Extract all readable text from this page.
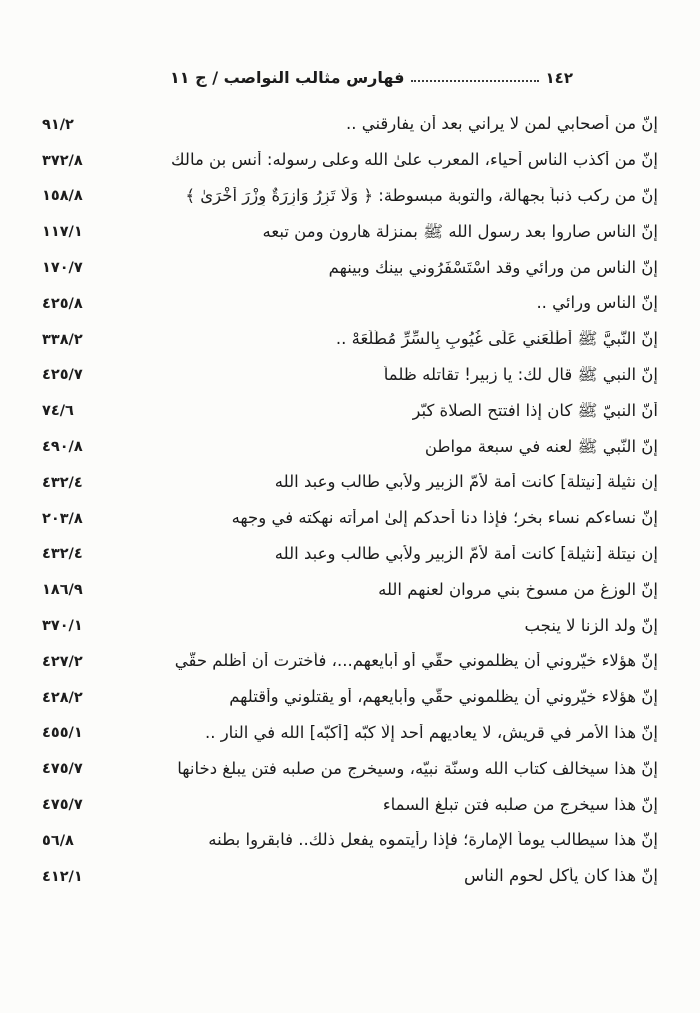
١٤٢
فهارس مثالب النواصب / ج ١١
إنّ من أصحابي لمن لا يراني بعد أن يفارقني ..
٩١/٢
إنّ من أكذب الناس أحياء، المعرب علىٰ الله وعلى رسوله: أنس بن مالك
٣٧٢/٨
إنّ من ركب ذنباً بجهالة، والتوبة مبسوطة: ﴿ وَلَا تَزِرُ وَازِرَةٌ وِزْرَ أُخْرَىٰ ﴾
١٥٨/٨
إنّ الناس صاروا بعد رسول الله ﷺ بمنزلة هارون ومن تبعه
١١٧/١
إنّ الناس من ورائي وقد اسْتَسْفَرُوني بينك وبينهم
١٧٠/٧
إنّ الناس ورائي ..
٤٢٥/٨
إنّ النَّبيَّ ﷺ أَطْلَعَني عَلَى غُيُوبٍ بِالسِّرِّ مُطَّلَعَهْ ..
٣٣٨/٢
إنّ النبي ﷺ قال لك: يا زبير! تقاتله ظلماً
٤٢٥/٧
أنّ النبيّ ﷺ كان إذا افتتح الصلاة كبّر
٧٤/٦
إنّ النّبي ﷺ لعنه في سبعة مواطن
٤٩٠/٨
إن نثيلة [نيتلة] كانت أمة لأُمّ الزبير ولأبي طالب وعبد الله
٤٣٢/٤
إنّ نساءكم نساء بخر؛ فإذا دنا أحدكم إلىٰ امرأته نهكته في وجهه
٢٠٣/٨
إن نيتلة [نثيلة] كانت أمة لأُمّ الزبير ولأبي طالب وعبد الله
٤٣٢/٤
إنّ الوزغ من مسوخ بني مروان لعنهم الله
١٨٦/٩
إنّ ولد الزنا لا ينجب
٣٧٠/١
إنّ هؤلاء خيّروني أن يظلموني حقّي أو أبايعهم...، فأخترت أن أظلم حقّي
٤٢٧/٢
إنّ هؤلاء خيّروني أن يظلموني حقّي وأبايعهم، أو يقتلوني وأقتلهم
٤٢٨/٢
إنّ هذا الأمر في قريش، لا يعاديهم أحد إلّا كبّه [أكبّه] الله في النار ..
٤٥٥/١
إنّ هذا سيخالف كتاب الله وسنّة نبيّه، وسيخرج من صلبه فتن يبلغ دخانها
٤٧٥/٧
إنّ هذا سيخرج من صلبه فتن تبلغ السماء
٤٧٥/٧
إنّ هذا سيطالب يوماً الإمارة؛ فإذا رأيتموه يفعل ذلك.. فابقروا بطنه
٥٦/٨
إنّ هذا كان يأكل لحوم الناس
٤١٢/١
